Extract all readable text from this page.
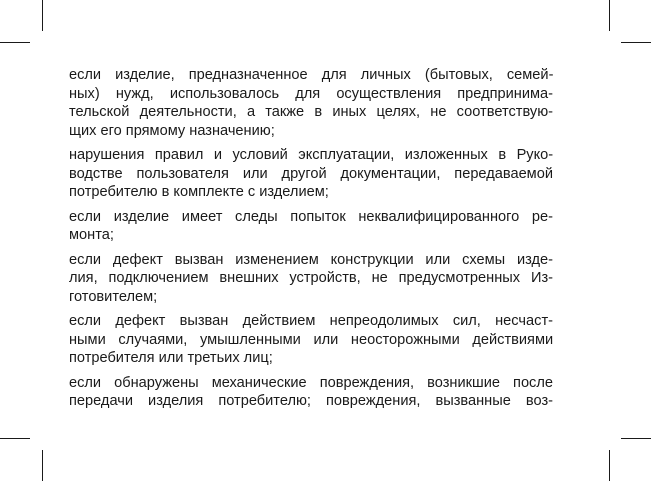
если изделие, предназначенное для личных (бытовых, семей-
ных) нужд, использовалось для осуществления предпринима-
тельской деятельности, а также в иных целях, не соответствую-
щих его прямому назначению;

нарушения правил и условий эксплуатации, изложенных в Руко-
водстве пользователя или другой документации, передаваемой
потребителю в комплекте с изделием;

если изделие имеет следы попыток неквалифицированного ре-
монта;

если дефект вызван изменением конструкции или схемы изде-
лия, подключением внешних устройств, не предусмотренных Из-
готовителем;

если дефект вызван действием непреодолимых сил, несчаст-
ными случаями, умышленными или неосторожными действиями
потребителя или третьих лиц;

если обнаружены механические повреждения, возникшие после
передачи изделия потребителю; повреждения, вызванные воз-
